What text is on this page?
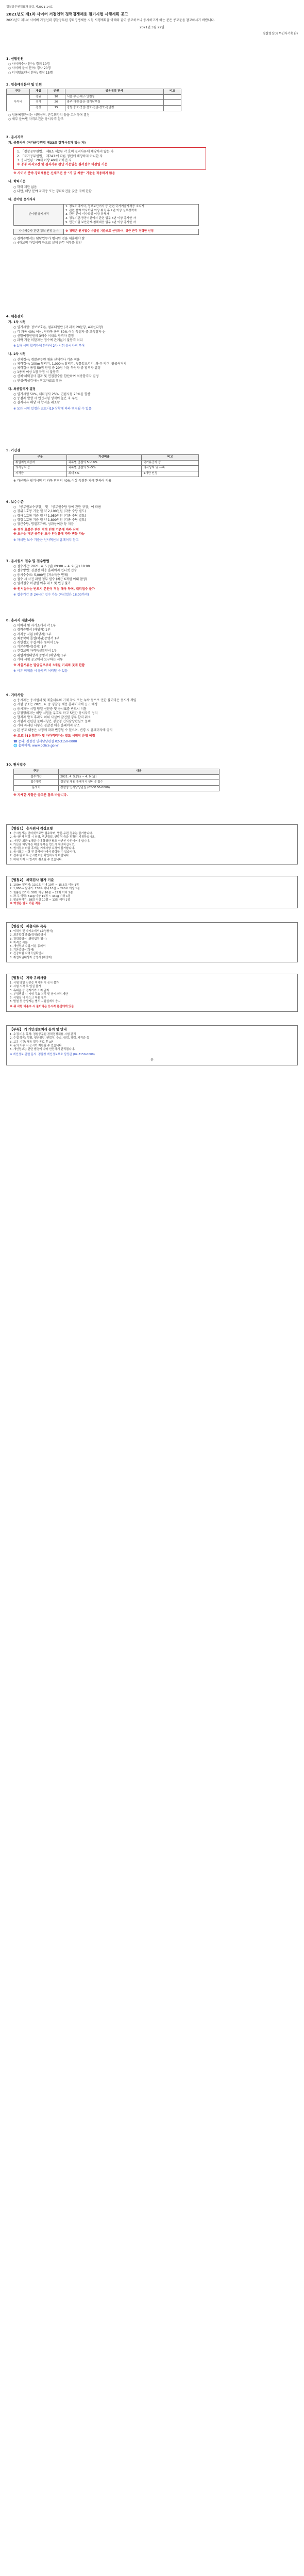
경찰공무원채용과 공고 제2021-14호
2021년도 제1차 사이버 거점인력 경력경쟁채용 필기시험 시행계획 공고
2021년도 제1차 사이버 거점인력 경찰공무원 경력경쟁채용 시험 시행계획을 아래와 같이 공고하오니 응시하고자 하는 분은 공고문을 참고하시기 바랍니다.
2021년 3월 22일
경찰청장(경무인사기획관)
1. 선발인원
○ 사이버수사 분야: 경위 10명
○ 사이버 분석 분야: 경사 20명
○ 디지털포렌식 분야: 경장 15명
2. 임용예정분야 및 인원
구분	계급	인원	임용예정 관서	비고
사이버	경위	10	서울·부산·대구·인천청	
	경사	20	광주·대전·울산·경기남부청	
	경장	15	강원·충북·충남·전북·전남·경북·경남청	
○ 임용예정관서는 시험성적, 근무희망지 등을 고려하여 결정
○ 세부 분야별 자격요건은 응시자격 참조
3. 응시자격
가. 공통자격 (국가공무원법 제33조 결격사유가 없는 자)
1. 「경찰공무원법」 제8조 제2항 각 호의 결격사유에 해당하지 않는 자
2. 「국가공무원법」 제74조에 따른 정년에 해당하지 아니한 자
3. 응시연령 : 20세 이상 40세 이하인 자
※ 공통 자격요건 및 결격사유 판단 기준일은 원서접수 마감일 기준
※ 사이버 분야 경력채용은 신체조건 중 "키 및 체중" 기준을 적용하지 않음
나. 학력기준
○ 학력 제한 없음
○ 다만, 해당 분야 자격증 또는 경력요건을 갖춘 자에 한함
다. 분야별 응시자격
분야별 응시자격	
1. 정보처리기사, 정보보안기사 등 관련 국가기술자격증 소지자
2. 관련 분야 학사학위 이상 취득 후 2년 이상 실무경력자
3. 관련 분야 석사학위 이상 취득자
4. 정부기관·공공기관에서 관련 업무 3년 이상 종사한 자
5. 민간기업 보안관제·침해대응 업무 4년 이상 종사한 자
사이버수사 관련 경력 인정 분야	※ 경력은 원서접수 마감일 기준으로 산정하며, 상근 근무 경력만 인정
○ 경력증명서는 담당업무가 명시된 것을 제출해야 함
○ 4대보험 가입이력 등으로 실제 근무 여부를 확인
4. 채용절차
가. 1차 시험
○ 필기시험: 정보보호론, 컴퓨터일반 (각 과목 20문항, 4지선다형)
○ 각 과목 40% 이상, 전과목 총점 60% 이상 득점자 중 고득점자 순
○ 선발예정인원의 3배수 이내로 합격자 결정
○ 과락 기준 미달자는 점수에 관계없이 불합격 처리
※ 1차 시험 합격자에 한하여 2차 시험 응시자격 부여
나. 2차 시험
○ 신체검사: 경찰공무원 채용 신체검사 기준 적용
○ 체력검사: 100m 달리기, 1,000m 달리기, 윗몸일으키기, 좌·우 악력, 팔굽혀펴기
○ 체력검사 총점 50점 만점 중 20점 이상 득점자 중 합격자 결정
○ 1종목 이상 1점 득점 시 불합격
○ 신체·체력검사 결과 및 면접점수를 합산하여 최종합격자 결정
○ 인성·적성검사는 참고자료로 활용
다. 최종합격자 결정
○ 필기시험 50%, 체력검사 25%, 면접시험 25%를 합산
○ 동점자 발생 시 면접시험 성적이 높은 자 우선
○ 결격사유 해당 시 합격을 취소함
※ 모든 시험 일정은 코로나19 상황에 따라 변경될 수 있음
5. 가산점
구분	가산비율	비고
취업지원대상자	과목별 만점의 5~10%	국가유공자 등
의사상자 등	과목별 만점의 3~5%	의사상자 및 유족
자격증	최대 5%	1개만 인정
※ 가산점은 필기시험 각 과목 만점의 40% 이상 득점한 자에 한하여 적용
6. 보수수준
○ 「공무원보수규정」 및 「공무원수당 등에 관한 규정」에 따름
○ 경위 1호봉 기준 월 약 2,100천원 (각종 수당 별도)
○ 경사 1호봉 기준 월 약 1,950천원 (각종 수당 별도)
○ 경장 1호봉 기준 월 약 1,800천원 (각종 수당 별도)
○ 정근수당, 명절휴가비, 성과상여금 등 지급
※ 경력 호봉은 관련 경력 인정 기준에 따라 산정
※ 보수는 매년 공무원 보수 인상률에 따라 변동 가능
※ 자세한 보수 기준은 인사혁신처 홈페이지 참고
7. 응시원서 접수 및 접수방법
○ 접수기간: 2021. 4. 5.(월) 09:00 ~ 4. 9.(금) 18:00
○ 접수방법: 경찰청 채용 홈페이지 인터넷 접수
○ 응시수수료: 5,000원 (저소득층 면제)
○ 접수 시 사진 파일 첨부 필수 (최근 6개월 이내 촬영)
○ 원서접수 마감일 이후 취소 및 변경 불가
※ 원서접수는 반드시 본인이 직접 해야 하며, 대리접수 불가
※ 접수기간 중 24시간 접수 가능 (마감일은 18:00까지)
8. 응시자 제출서류
○ 이력서 및 자기소개서 각 1부
○ 경력증명서 (해당자) 1부
○ 자격증 사본 (해당자) 1부
○ 최종학력 졸업(학위)증명서 1부
○ 개인정보 수집·이용 동의서 1부
○ 기본증명서(상세) 1부
○ 건강보험 자격득실확인서 1부
○ 취업지원대상자 증명서 (해당자) 1부
○ 기타 시험 공고에서 요구하는 서류
※ 제출서류는 발급일로부터 3개월 이내의 것에 한함
※ 서류 미제출 시 불합격 처리될 수 있음
9. 기타사항
○ 응시자는 응시원서 및 제출서류의 기재 착오 또는 누락 등으로 인한 불이익은 응시자 책임
○ 시험 장소는 2021. 4. 중 경찰청 채용 홈페이지에 공고 예정
○ 응시자는 시험 당일 신분증 및 응시표를 반드시 지참
○ 부정행위자는 해당 시험을 무효로 하고 5년간 응시자격 정지
○ 합격자 발표 후라도 허위 사실이 발견될 경우 합격 취소
○ 시험과 관련한 문의사항은 경찰청 인사담당관실로 문의
○ 기타 자세한 사항은 경찰청 채용 홈페이지 참조
○ 본 공고 내용은 사정에 따라 변경될 수 있으며, 변경 시 홈페이지에 공지
※ 코로나19 확진자 및 자가격리자는 별도 시험장 운영 예정
☎ 문의: 경찰청 인사담당관실 02-3150-0000
🌐 홈페이지: www.police.go.kr
10. 원서접수
구분	내용
접수기간	2021. 4. 5.(월) ~ 4. 9.(금)
접수방법	경찰청 채용 홈페이지 인터넷 접수
문의처	경찰청 인사담당관실 (02-3150-0000)
※ 자세한 사항은 공고문 참조 바랍니다.
【별첨1】 응시원서 작성요령
1. 응시원서는 인터넷으로만 접수하며, 방문·우편 접수는 불가합니다.
2. 응시원서 작성 시 성명, 생년월일, 연락처 등을 정확히 기재하십시오.
3. 사진은 최근 6개월 이내 촬영한 탈모 상반신 사진이어야 합니다.
4. 가산점 해당자는 해당 항목을 반드시 체크하십시오.
5. 원서접수 마감 후에는 기재사항 수정이 불가합니다.
6. 응시표는 시험 전 홈페이지에서 출력할 수 있습니다.
7. 접수 완료 후 응시번호를 확인하시기 바랍니다.
8. 허위 기재 시 합격이 취소될 수 있습니다.
【별첨2】 체력검사 평가 기준
1. 100m 달리기: 13.0초 이내 10점 ~ 15.6초 이상 1점
2. 1,000m 달리기: 230초 이내 10점 ~ 290초 이상 1점
3. 윗몸일으키기: 58회 이상 10점 ~ 22회 이하 1점
4. 좌·우 악력: 61kg 이상 10점 ~ 44kg 이하 1점
5. 팔굽혀펴기: 58회 이상 10점 ~ 13회 이하 1점
※ 여성은 별도 기준 적용
【별첨3】 제출서류 목록
1. 이력서 및 자기소개서 (소정양식)
2. 최종학력 졸업(학위)증명서
3. 경력증명서 (담당업무 명시)
4. 자격증 사본
5. 개인정보 수집·이용 동의서
6. 기본증명서(상세)
7. 건강보험 자격득실확인서
8. 취업지원대상자 증명서 (해당자)
【별첨4】 기타 유의사항
1. 시험 당일 신분증 미지참 시 응시 불가
2. 시험 시작 후 입실 불가
3. 휴대폰 등 전자기기 소지 금지
4. 부정행위 시 시험 무효 처리 및 응시자격 제한
5. 시험장 내 마스크 착용 필수
6. 발열 등 증상자는 별도 시험실에서 응시
※ 위 사항 미준수 시 불이익은 응시자 본인에게 있음
【부록】 기 개인정보처리 동의 및 안내
1. 수집·이용 목적: 경찰공무원 경력경쟁채용 시험 관리
2. 수집 항목: 성명, 생년월일, 연락처, 주소, 학력, 경력, 자격증 등
3. 보유 기간: 채용 절차 종료 후 3년
4. 동의 거부 시 응시가 제한될 수 있습니다.
5. 개인정보는 관련 법령에 따라 안전하게 관리됩니다.
※ 개인정보 관련 문의: 경찰청 개인정보보호 담당관 (02-3150-0000)
- 끝 -
